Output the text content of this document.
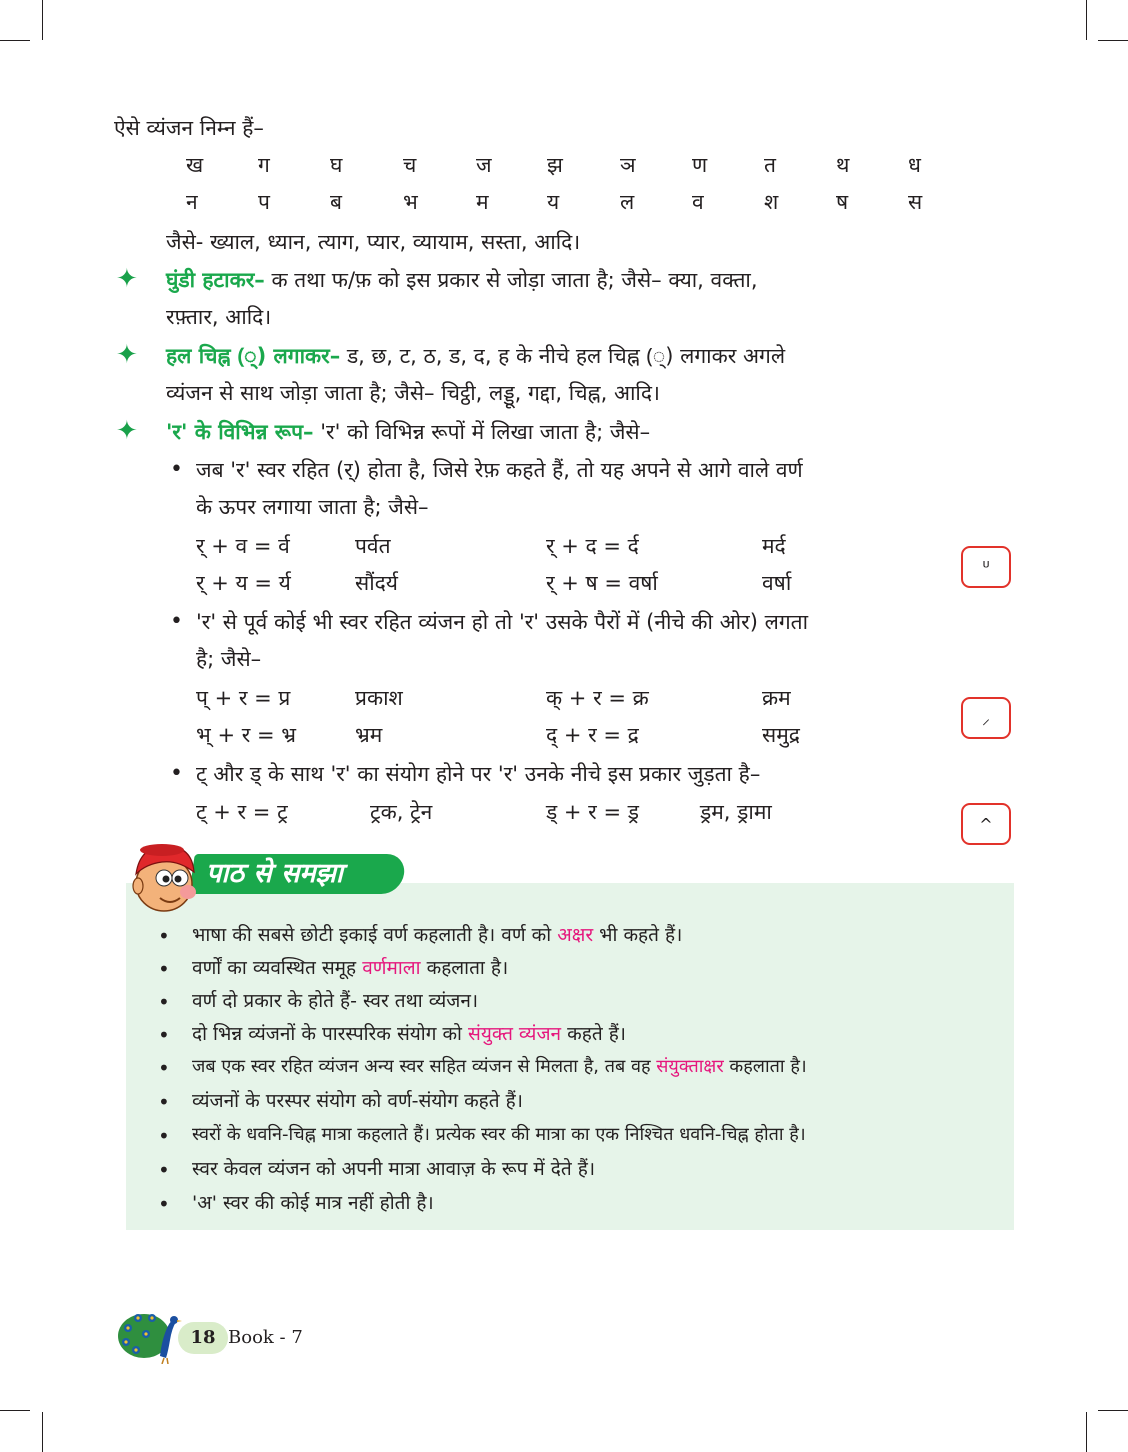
ऐसे व्यंजन निम्न हैं–
ख	ग	घ	च	ज	झ	ञ	ण	त	थ	ध
न	प	ब	भ	म	य	ल	व	श	ष	स
जैसे- ख्याल, ध्यान, त्याग, प्यार, व्यायाम, सस्ता, आदि।
✦ घुंडी हटाकर– क तथा फ/फ़ को इस प्रकार से जोड़ा जाता है; जैसे– क्या, वक्ता,
रफ़्तार, आदि।
✦ हल चिह्न (्) लगाकर– ड, छ, ट, ठ, ड, द, ह के नीचे हल चिह्न (्) लगाकर अगले
व्यंजन से साथ जोड़ा जाता है; जैसे– चिट्ठी, लड्डू, गद्दा, चिह्न, आदि।
✦ 'र' के विभिन्न रूप– 'र' को विभिन्न रूपों में लिखा जाता है; जैसे–
• जब 'र' स्वर रहित (र्) होता है, जिसे रेफ़ कहते हैं, तो यह अपने से आगे वाले वर्ण
के ऊपर लगाया जाता है; जैसे–
र् + व = र्व	पर्वत	र् + द = र्द	मर्द
र् + य = र्य	सौंदर्य	र् + ष = वर्षा	वर्षा
ᓑ
• 'र' से पूर्व कोई भी स्वर रहित व्यंजन हो तो 'र' उसके पैरों में (नीचे की ओर) लगता
है; जैसे–
प् + र = प्र	प्रकाश	क् + र = क्र	क्रम
भ् + र = भ्र	भ्रम	द् + र = द्र	समुद्र
⸝
• ट् और ड् के साथ 'र' का संयोग होने पर 'र' उनके नीचे इस प्रकार जुड़ता है–
ट् + र = ट्र	ट्रक, ट्रेन	ड् + र = ड्र	ड्रम, ड्रामा	^
पाठ से समझा
• भाषा की सबसे छोटी इकाई वर्ण कहलाती है। वर्ण को अक्षर भी कहते हैं।
• वर्णों का व्यवस्थित समूह वर्णमाला कहलाता है।
• वर्ण दो प्रकार के होते हैं- स्वर तथा व्यंजन।
• दो भिन्न व्यंजनों के पारस्परिक संयोग को संयुक्त व्यंजन कहते हैं।
• जब एक स्वर रहित व्यंजन अन्य स्वर सहित व्यंजन से मिलता है, तब वह संयुक्ताक्षर कहलाता है।
• व्यंजनों के परस्पर संयोग को वर्ण-संयोग कहते हैं।
• स्वरों के धवनि-चिह्न मात्रा कहलाते हैं। प्रत्येक स्वर की मात्रा का एक निश्चित धवनि-चिह्न होता है।
• स्वर केवल व्यंजन को अपनी मात्रा आवाज़ के रूप में देते हैं।
• 'अ' स्वर की कोई मात्र नहीं होती है।
18 Book - 7
